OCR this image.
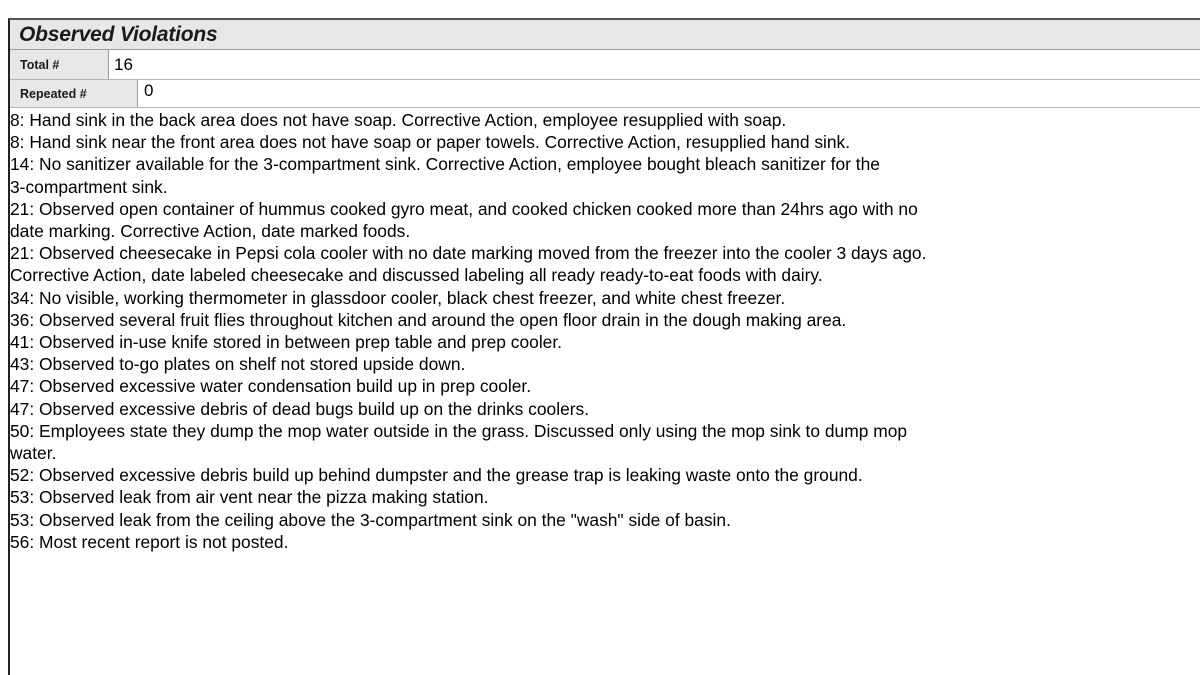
Observed Violations
Total #	16
Repeated #	0

8: Hand sink in the back area does not have soap. Corrective Action, employee resupplied with soap.

8: Hand sink near the front area does not have soap or paper towels. Corrective Action, resupplied hand sink.

14: No sanitizer available for the 3-compartment sink. Corrective Action, employee bought bleach sanitizer for the
3-compartment sink.

21: Observed open container of hummus cooked gyro meat, and cooked chicken cooked more than 24hrs ago with no
date marking. Corrective Action, date marked foods.

21: Observed cheesecake in Pepsi cola cooler with no date marking moved from the freezer into the cooler 3 days ago.
Corrective Action, date labeled cheesecake and discussed labeling all ready ready-to-eat foods with dairy.

34: No visible, working thermometer in glassdoor cooler, black chest freezer, and white chest freezer.

36: Observed several fruit flies throughout kitchen and around the open floor drain in the dough making area.

41: Observed in-use knife stored in between prep table and prep cooler.

43: Observed to-go plates on shelf not stored upside down.

47: Observed excessive water condensation build up in prep cooler.

47: Observed excessive debris of dead bugs build up on the drinks coolers.

50: Employees state they dump the mop water outside in the grass. Discussed only using the mop sink to dump mop
water.

52: Observed excessive debris build up behind dumpster and the grease trap is leaking waste onto the ground.

53: Observed leak from air vent near the pizza making station.

53: Observed leak from the ceiling above the 3-compartment sink on the "wash" side of basin.

56: Most recent report is not posted.
